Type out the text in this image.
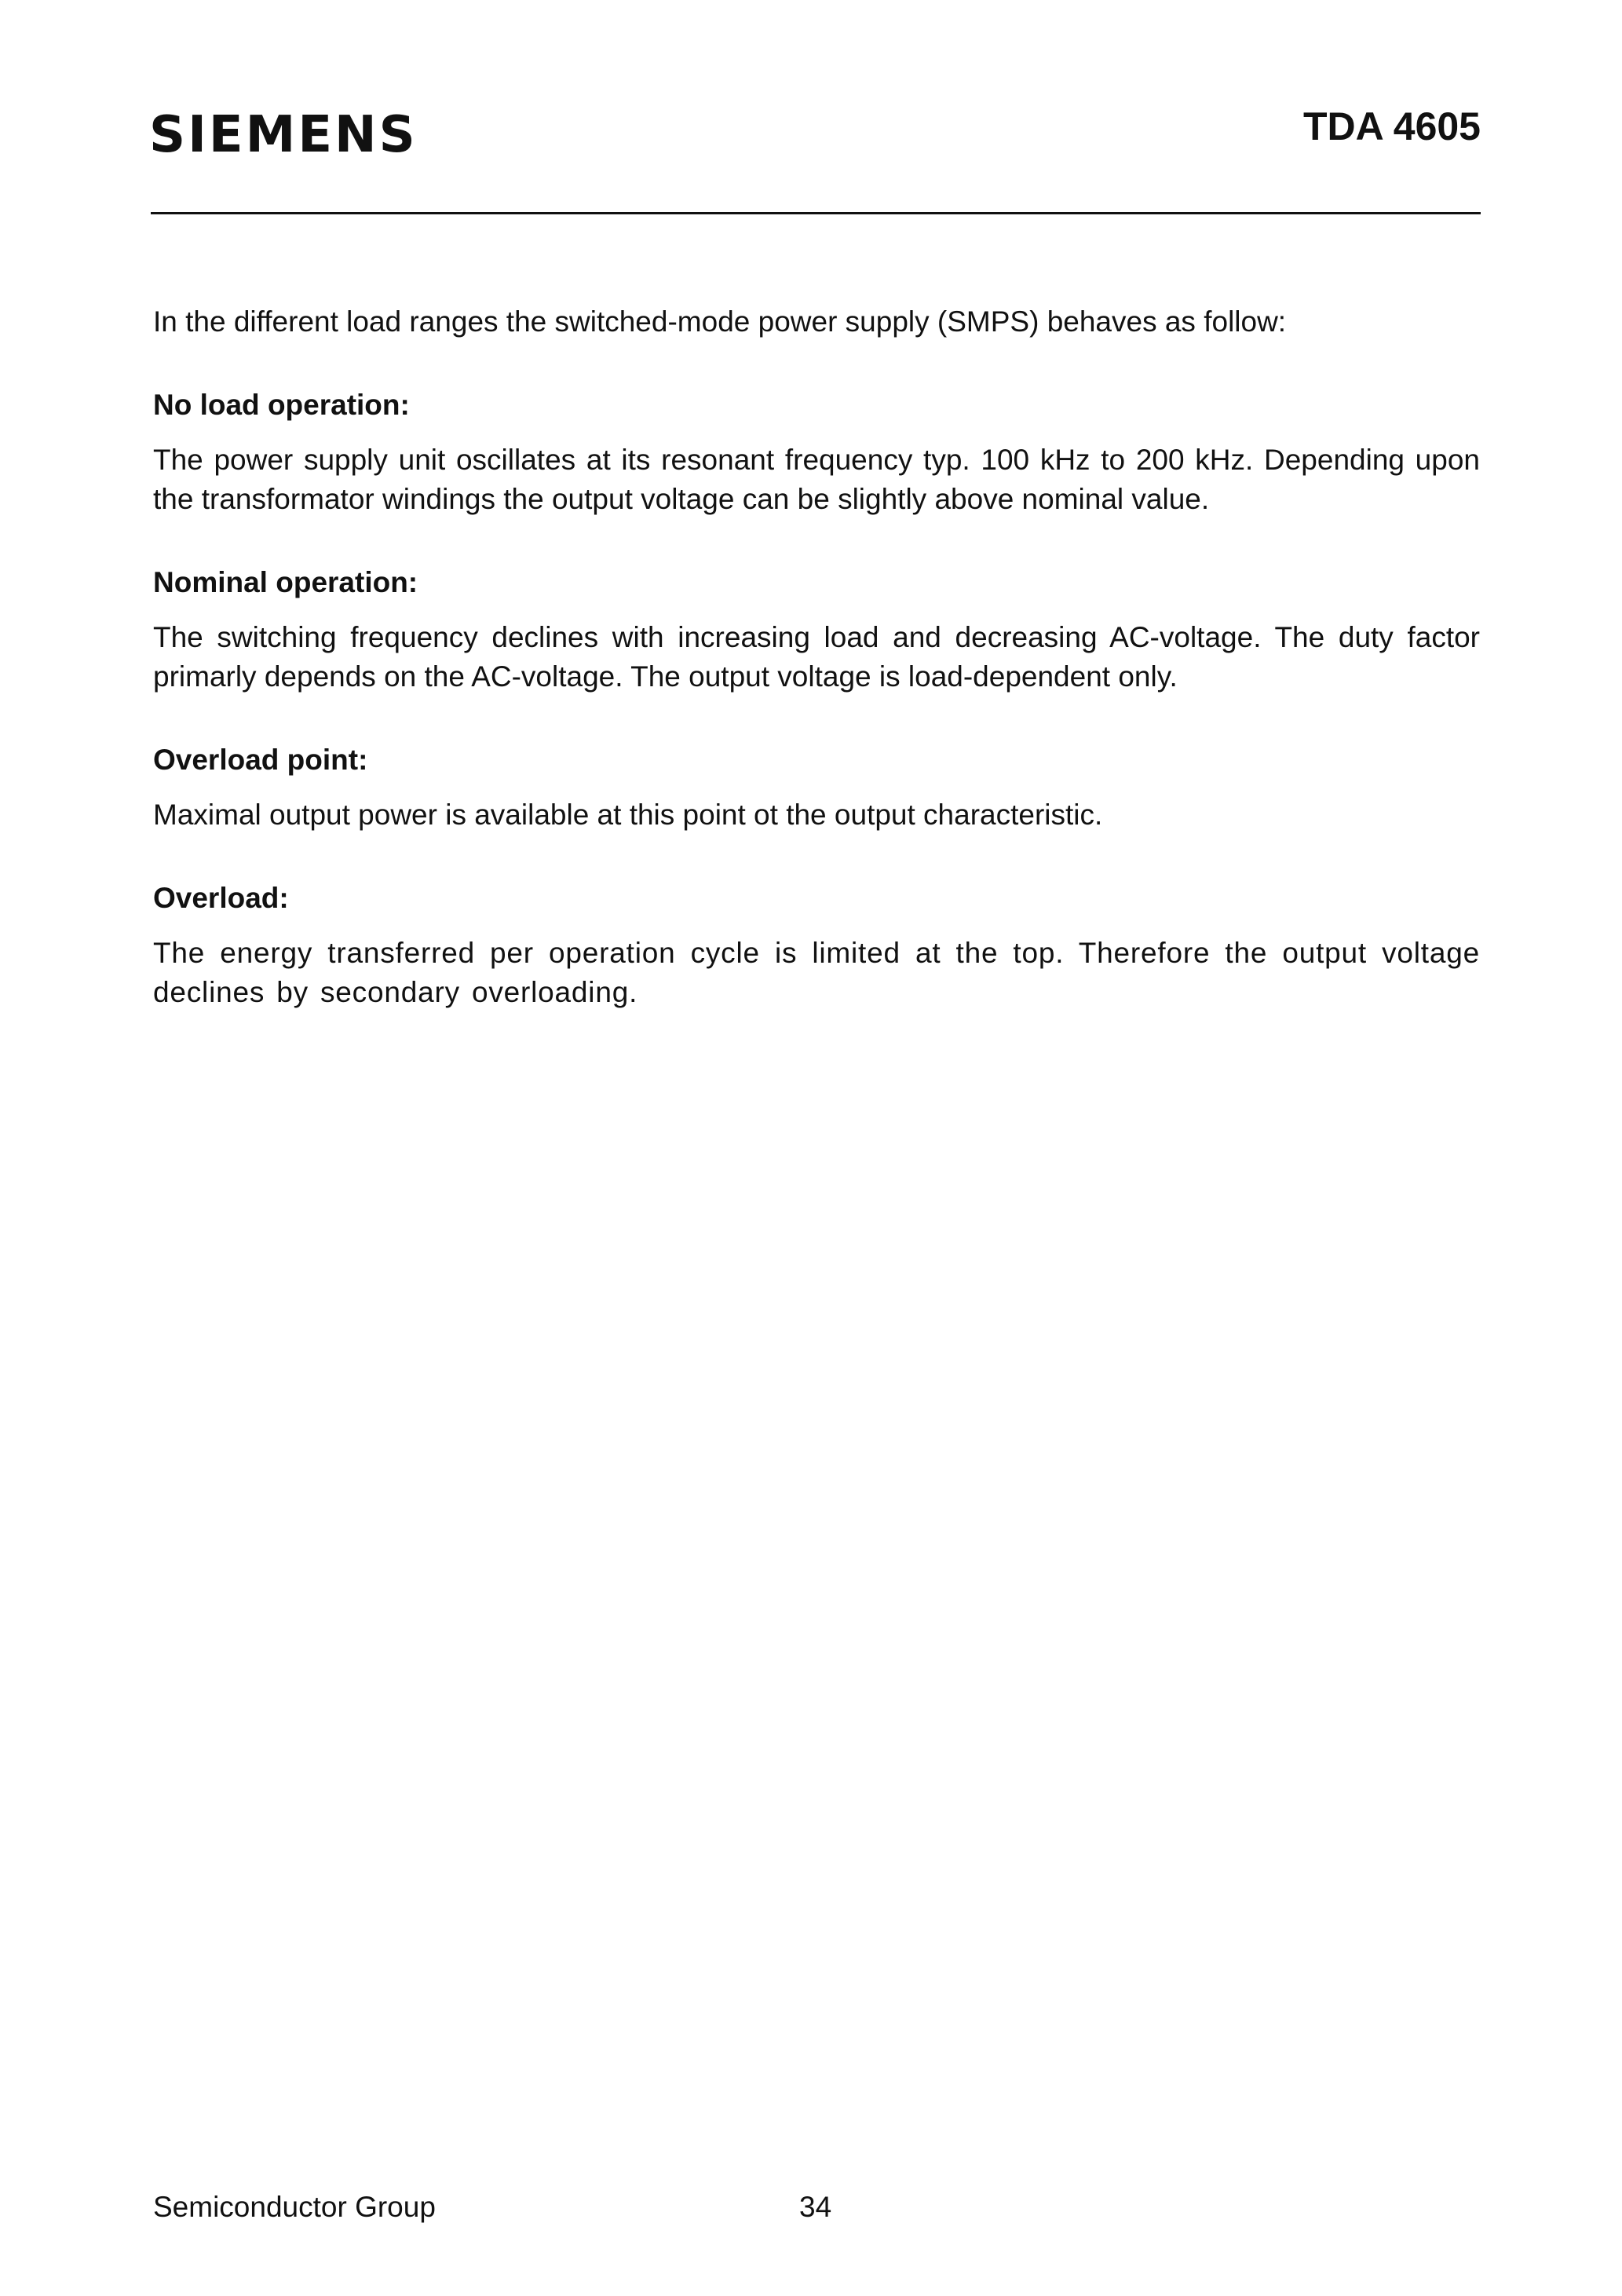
SIEMENS	TDA 4605

In the different load ranges the switched-mode power supply (SMPS) behaves as follow:

No load operation:

The power supply unit oscillates at its resonant frequency typ. 100 kHz to 200 kHz. Depending upon the transformator windings the output voltage can be slightly above nominal value.

Nominal operation:

The switching frequency declines with increasing load and decreasing AC-voltage. The duty factor primarly depends on the AC-voltage. The output voltage is load-dependent only.

Overload point:

Maximal output power is available at this point ot the output characteristic.

Overload:

The energy transferred per operation cycle is limited at the top. Therefore the output voltage declines by secondary overloading.

Semiconductor Group	34
